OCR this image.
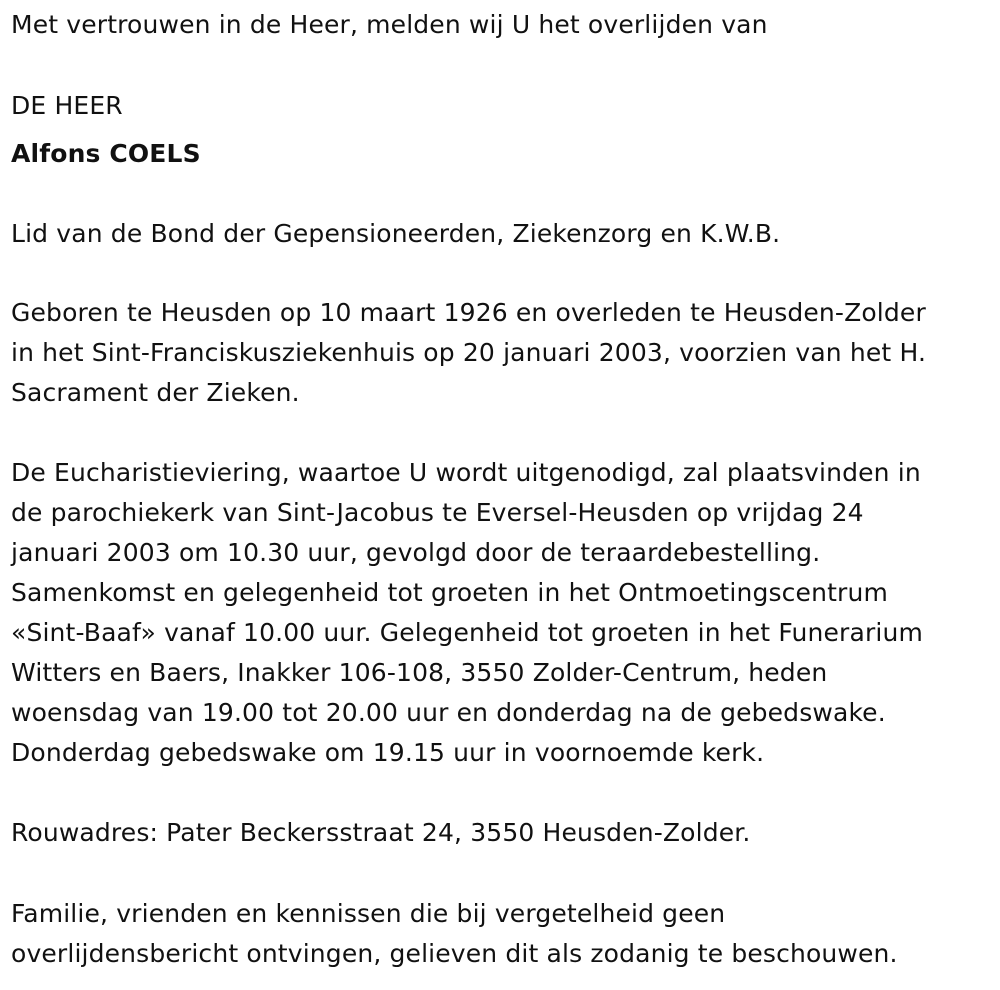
Met vertrouwen in de Heer, melden wij U het overlijden van
DE HEER
Alfons COELS
Lid van de Bond der Gepensioneerden, Ziekenzorg en K.W.B.
Geboren te Heusden op 10 maart 1926 en overleden te Heusden-Zolder
in het Sint-Franciskusziekenhuis op 20 januari 2003, voorzien van het H.
Sacrament der Zieken.
De Eucharistieviering, waartoe U wordt uitgenodigd, zal plaatsvinden in
de parochiekerk van Sint-Jacobus te Eversel-Heusden op vrijdag 24
januari 2003 om 10.30 uur, gevolgd door de teraardebestelling.
Samenkomst en gelegenheid tot groeten in het Ontmoetingscentrum
«Sint-Baaf» vanaf 10.00 uur. Gelegenheid tot groeten in het Funerarium
Witters en Baers, Inakker 106-108, 3550 Zolder-Centrum, heden
woensdag van 19.00 tot 20.00 uur en donderdag na de gebedswake.
Donderdag gebedswake om 19.15 uur in voornoemde kerk.
Rouwadres: Pater Beckersstraat 24, 3550 Heusden-Zolder.
Familie, vrienden en kennissen die bij vergetelheid geen
overlijdensbericht ontvingen, gelieven dit als zodanig te beschouwen.
